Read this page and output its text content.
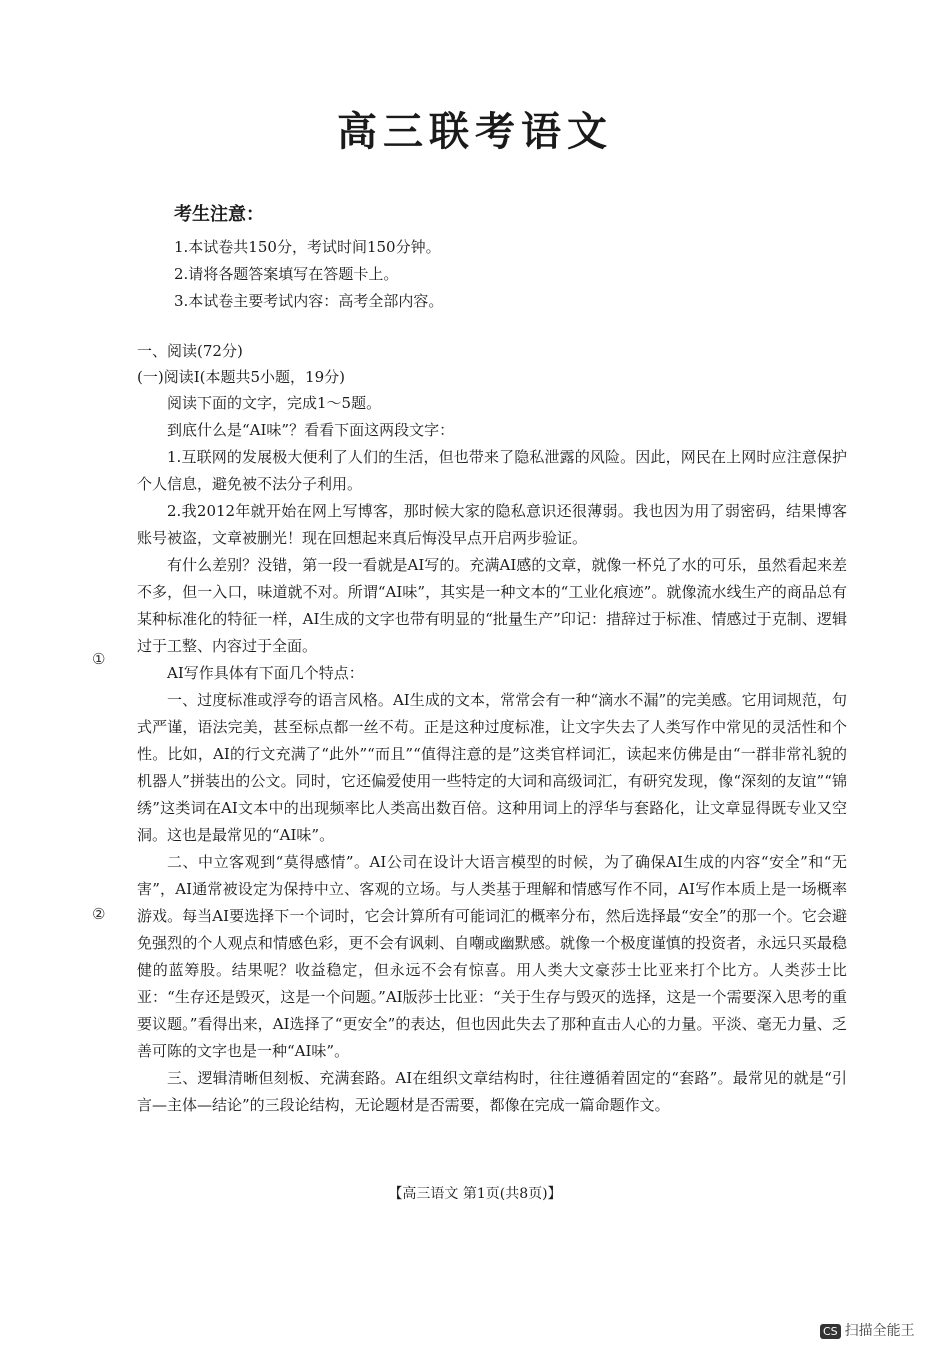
高三联考语文
考生注意：
1.本试卷共150分，考试时间150分钟。
2.请将各题答案填写在答题卡上。
3.本试卷主要考试内容：高考全部内容。
一、阅读(72分)
(一)阅读Ⅰ(本题共5小题，19分)

阅读下面的文字，完成1～5题。

到底什么是“AI味”？看看下面这两段文字：

1.互联网的发展极大便利了人们的生活，但也带来了隐私泄露的风险。因此，网民在上网时应注意保护个人信息，避免被不法分子利用。

2.我2012年就开始在网上写博客，那时候大家的隐私意识还很薄弱。我也因为用了弱密码，结果博客账号被盗，文章被删光！现在回想起来真后悔没早点开启两步验证。

有什么差别？没错，第一段一看就是AI写的。充满AI感的文章，就像一杯兑了水的可乐，虽然看起来差不多，但一入口，味道就不对。所谓“AI味”，其实是一种文本的“工业化痕迹”。就像流水线生产的商品总有某种标准化的特征一样，AI生成的文字也带有明显的“批量生产”印记：措辞过于标准、情感过于克制、逻辑过于工整、内容过于全面。

AI写作具体有下面几个特点：

一、过度标准或浮夸的语言风格。AI生成的文本，常常会有一种“滴水不漏”的完美感。它用词规范，句式严谨，语法完美，甚至标点都一丝不苟。正是这种过度标准，让文字失去了人类写作中常见的灵活性和个性。比如，AI的行文充满了“此外”“而且”“值得注意的是”这类官样词汇，读起来仿佛是由“一群非常礼貌的机器人”拼装出的公文。同时，它还偏爱使用一些特定的大词和高级词汇，有研究发现，像“深刻的友谊”“锦绣”这类词在AI文本中的出现频率比人类高出数百倍。这种用词上的浮华与套路化，让文章显得既专业又空洞。这也是最常见的“AI味”。

二、中立客观到“莫得感情”。AI公司在设计大语言模型的时候，为了确保AI生成的内容“安全”和“无害”，AI通常被设定为保持中立、客观的立场。与人类基于理解和情感写作不同，AI写作本质上是一场概率游戏。每当AI要选择下一个词时，它会计算所有可能词汇的概率分布，然后选择最“安全”的那一个。它会避免强烈的个人观点和情感色彩，更不会有讽刺、自嘲或幽默感。就像一个极度谨慎的投资者，永远只买最稳健的蓝筹股。结果呢？收益稳定，但永远不会有惊喜。用人类大文豪莎士比亚来打个比方。人类莎士比亚：“生存还是毁灭，这是一个问题。”AI版莎士比亚：“关于生存与毁灭的选择，这是一个需要深入思考的重要议题。”看得出来，AI选择了“更安全”的表达，但也因此失去了那种直击人心的力量。平淡、毫无力量、乏善可陈的文字也是一种“AI味”。

三、逻辑清晰但刻板、充满套路。AI在组织文章结构时，往往遵循着固定的“套路”。最常见的就是“引言—主体—结论”的三段论结构，无论题材是否需要，都像在完成一篇命题作文。

①
②
【高三语文 第1页(共8页)】
CS 扫描全能王
